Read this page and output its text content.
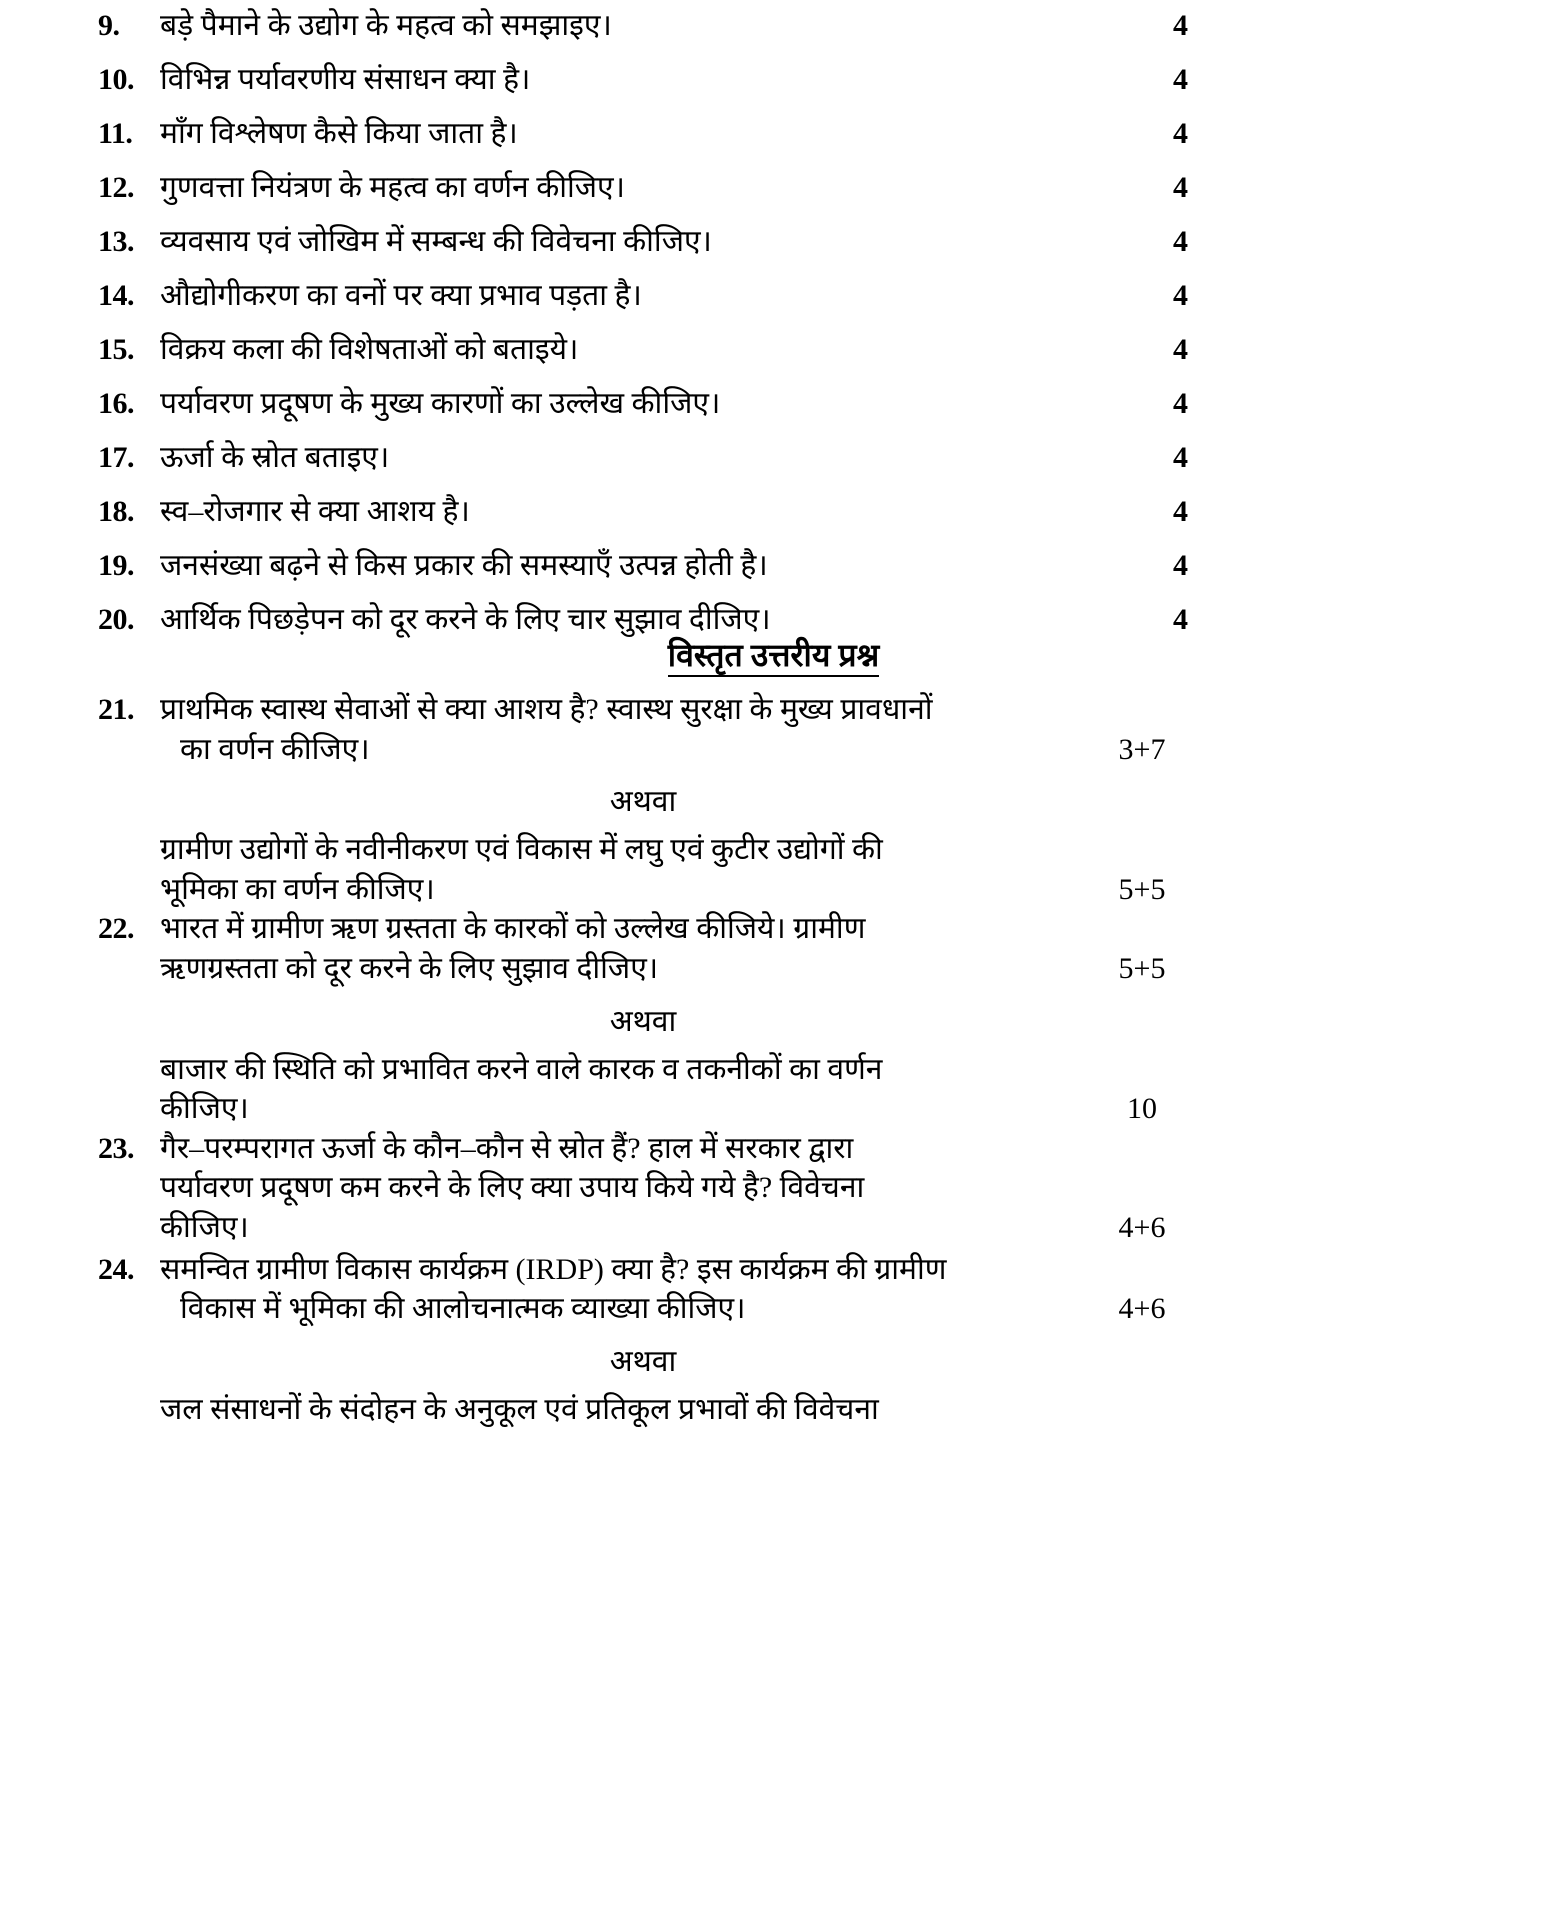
9.	बड़े पैमाने के उद्योग के महत्व को समझाइए।	4
10. विभिन्न पर्यावरणीय संसाधन क्या है।	4
11. माँग विश्लेषण कैसे किया जाता है।	4
12. गुणवत्ता नियंत्रण के महत्व का वर्णन कीजिए।	4
13. व्यवसाय एवं जोखिम में सम्बन्ध की विवेचना कीजिए।	4
14. औद्योगीकरण का वनों पर क्या प्रभाव पड़ता है।	4
15. विक्रय कला की विशेषताओं को बताइये।	4
16. पर्यावरण प्रदूषण के मुख्य कारणों का उल्लेख कीजिए।	4
17. ऊर्जा के स्रोत बताइए।	4
18. स्व–रोजगार से क्या आशय है।	4
19. जनसंख्या बढ़ने से किस प्रकार की समस्याएँ उत्पन्न होती है।	4
20. आर्थिक पिछड़ेपन को दूर करने के लिए चार सुझाव दीजिए।	4
विस्तृत उत्तरीय प्रश्न
21. प्राथमिक स्वास्थ सेवाओं से क्या आशय है? स्वास्थ सुरक्षा के मुख्य प्रावधानों
का वर्णन कीजिए।	3+7
अथवा
ग्रामीण उद्योगों के नवीनीकरण एवं विकास में लघु एवं कुटीर उद्योगों की
भूमिका का वर्णन कीजिए।	5+5
22. भारत में ग्रामीण ऋण ग्रस्तता के कारकों को उल्लेख कीजिये। ग्रामीण
ऋणग्रस्तता को दूर करने के लिए सुझाव दीजिए।	5+5
अथवा
बाजार की स्थिति को प्रभावित करने वाले कारक व तकनीकों का वर्णन
कीजिए।	10
23. गैर–परम्परागत ऊर्जा के कौन–कौन से स्रोत हैं? हाल में सरकार द्वारा
पर्यावरण प्रदूषण कम करने के लिए क्या उपाय किये गये है? विवेचना
कीजिए।	4+6
24. समन्वित ग्रामीण विकास कार्यक्रम (IRDP) क्या है? इस कार्यक्रम की ग्रामीण
विकास में भूमिका की आलोचनात्मक व्याख्या कीजिए।	4+6
अथवा
जल संसाधनों के संदोहन के अनुकूल एवं प्रतिकूल प्रभावों की विवेचना
